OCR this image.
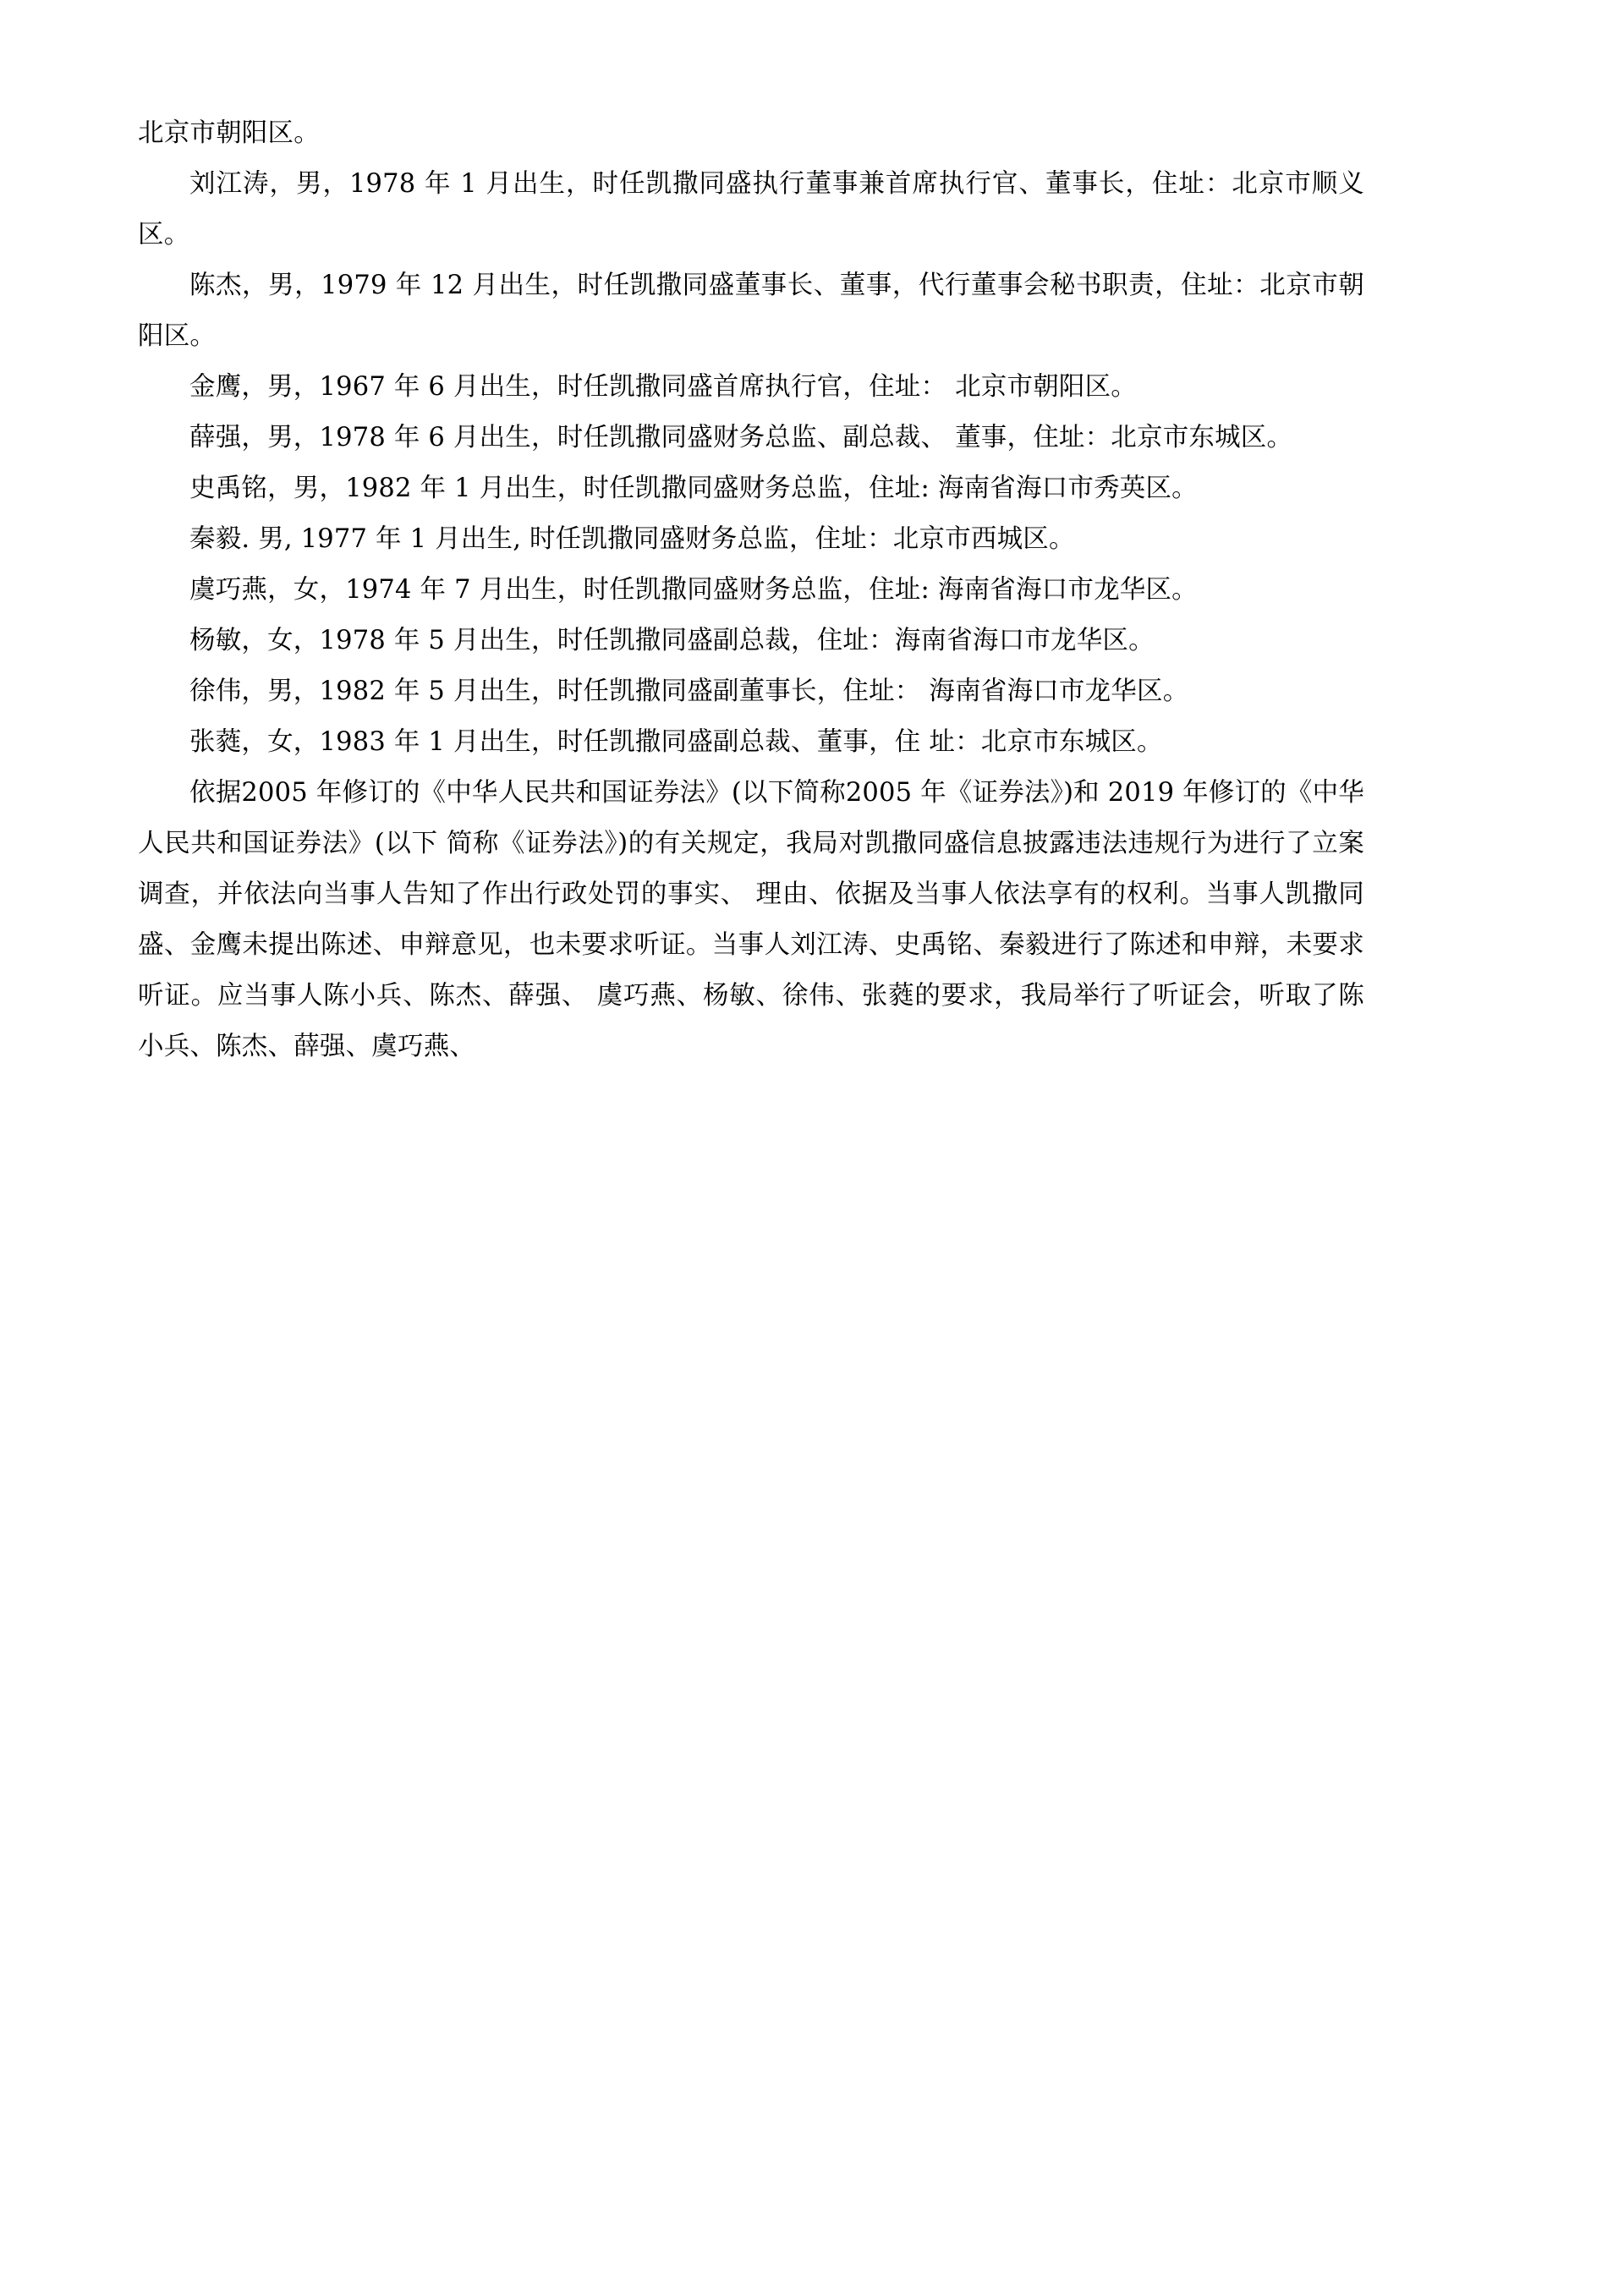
北京市朝阳区。

刘江涛，男，1978 年 1 月出生，时任凯撒同盛执行董事兼首席执行官、董事长，住址：北京市顺义区。

陈杰，男，1979 年 12 月出生，时任凯撒同盛董事长、董事，代行董事会秘书职责，住址：北京市朝阳区。

金鹰，男，1967 年 6 月出生，时任凯撒同盛首席执行官，住址： 北京市朝阳区。

薛强，男，1978 年 6 月出生，时任凯撒同盛财务总监、副总裁、 董事，住址：北京市东城区。

史禹铭，男，1982 年 1 月出生，时任凯撒同盛财务总监，住址: 海南省海口市秀英区。

秦毅. 男, 1977 年 1 月出生, 时任凯撒同盛财务总监，住址：北京市西城区。

虞巧燕，女，1974 年 7 月出生，时任凯撒同盛财务总监，住址: 海南省海口市龙华区。

杨敏，女，1978 年 5 月出生，时任凯撒同盛副总裁，住址：海南省海口市龙华区。

徐伟，男，1982 年 5 月出生，时任凯撒同盛副董事长，住址： 海南省海口市龙华区。

张蕤，女，1983 年 1 月出生，时任凯撒同盛副总裁、董事，住 址：北京市东城区。

依据2005 年修订的《中华人民共和国证券法》(以下简称2005 年《证券法》)和 2019 年修订的《中华人民共和国证券法》(以下 简称《证券法》)的有关规定，我局对凯撒同盛信息披露违法违规行为进行了立案调查，并依法向当事人告知了作出行政处罚的事实、 理由、依据及当事人依法享有的权利。当事人凯撒同盛、金鹰未提出陈述、申辩意见，也未要求听证。当事人刘江涛、史禹铭、秦毅进行了陈述和申辩，未要求听证。应当事人陈小兵、陈杰、薛强、 虞巧燕、杨敏、徐伟、张蕤的要求，我局举行了听证会，听取了陈小兵、陈杰、薛强、虞巧燕、
